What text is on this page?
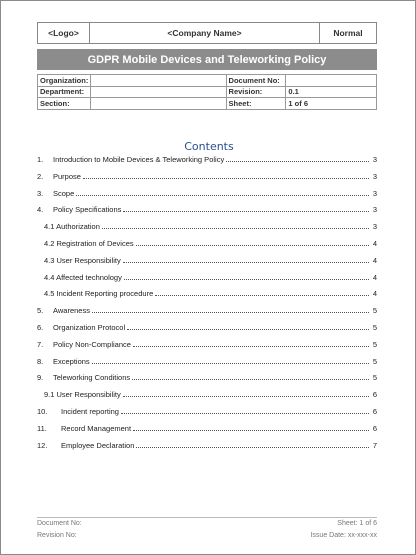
<Logo>	<Company Name>	Normal
GDPR Mobile Devices and Teleworking Policy
Organization:		Document No:	
Department:		Revision:	0.1
Section:		Sheet:	1 of 6
Contents
1.	Introduction to Mobile Devices & Teleworking Policy	3
2.	Purpose	3
3.	Scope	3
4.	Policy Specifications	3
4.1 Authorization	3
4.2 Registration of Devices	4
4.3 User Responsibility	4
4.4 Affected technology	4
4.5 Incident Reporting procedure	4
5.	Awareness	5
6.	Organization Protocol	5
7.	Policy Non-Compliance	5
8.	Exceptions	5
9.	Teleworking Conditions	5
9.1 User Responsibility	6
10.	Incident reporting	6
11.	Record Management	6
12.	Employee Declaration	7
Document No:	Sheet: 1 of 6
Revision No:	Issue Date: xx-xxx-xx
